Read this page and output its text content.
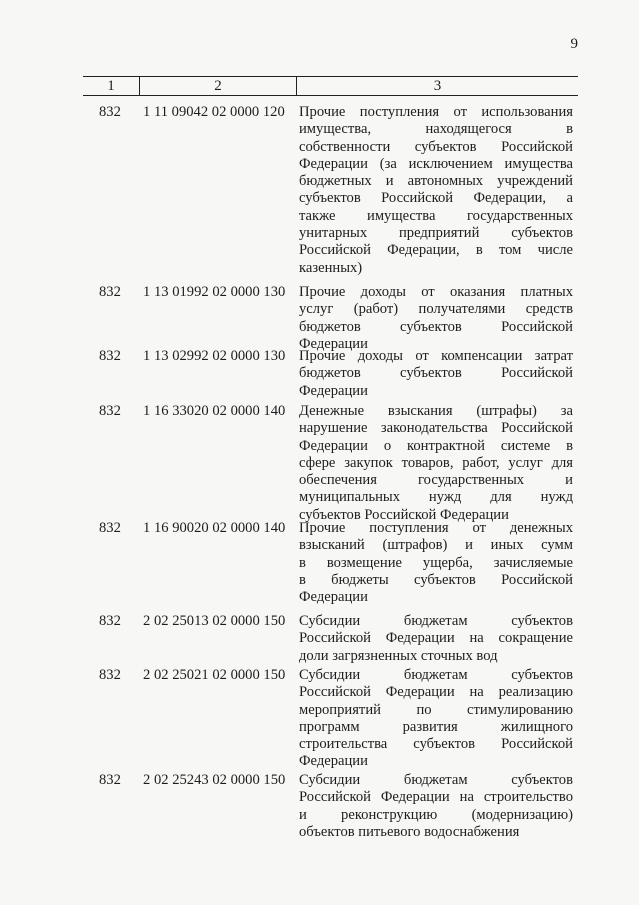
9
1	2	3
832 1 11 09042 02 0000 120 Прочие поступления от использования
имущества, находящегося в
собственности субъектов Российской
Федерации (за исключением имущества
бюджетных и автономных учреждений
субъектов Российской Федерации, а
также имущества государственных
унитарных предприятий субъектов
Российской Федерации, в том числе
казенных)
832 1 13 01992 02 0000 130 Прочие доходы от оказания платных
услуг (работ) получателями средств
бюджетов субъектов Российской
Федерации
832 1 13 02992 02 0000 130 Прочие доходы от компенсации затрат
бюджетов субъектов Российской
Федерации
832 1 16 33020 02 0000 140 Денежные взыскания (штрафы) за
нарушение законодательства Российской
Федерации о контрактной системе в
сфере закупок товаров, работ, услуг для
обеспечения государственных и
муниципальных нужд для нужд
субъектов Российской Федерации
832 1 16 90020 02 0000 140 Прочие поступления от денежных
взысканий (штрафов) и иных сумм
в возмещение ущерба, зачисляемые
в бюджеты субъектов Российской
Федерации
832 2 02 25013 02 0000 150 Субсидии бюджетам субъектов
Российской Федерации на сокращение
доли загрязненных сточных вод
832 2 02 25021 02 0000 150 Субсидии бюджетам субъектов
Российской Федерации на реализацию
мероприятий по стимулированию
программ развития жилищного
строительства субъектов Российской
Федерации
832 2 02 25243 02 0000 150 Субсидии бюджетам субъектов
Российской Федерации на строительство
и реконструкцию (модернизацию)
объектов питьевого водоснабжения
